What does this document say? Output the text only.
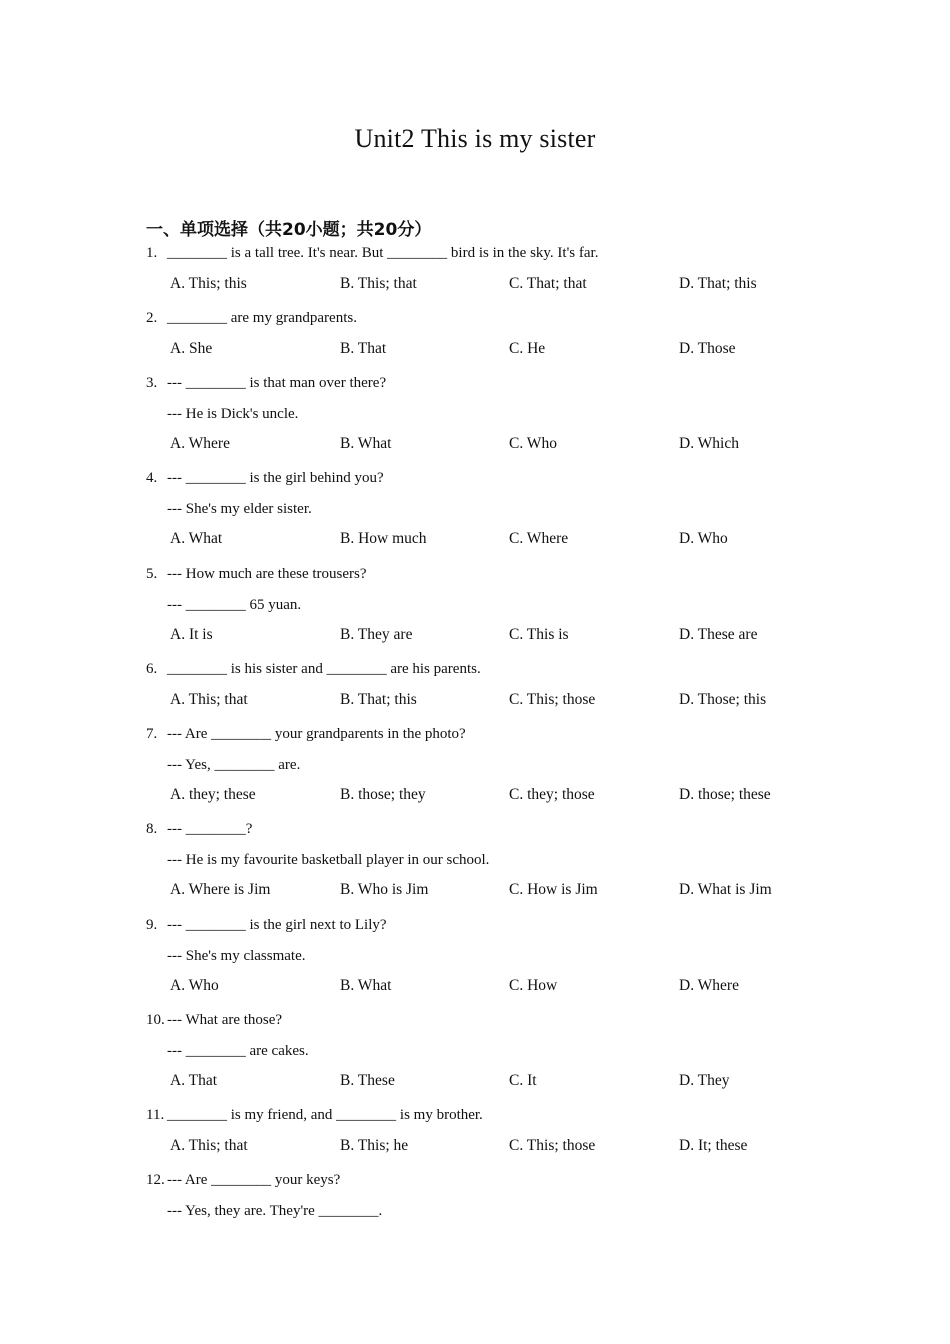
Unit2 This is my sister
一、单项选择（共20小题；共20分）
1. ________ is a tall tree. It's near. But ________ bird is in the sky. It's far.
A. This; this	B. This; that	C. That; that	D. That; this
2. ________ are my grandparents.
A. She	B. That	C. He	D. Those
3. --- ________ is that man over there?
--- He is Dick's uncle.
A. Where	B. What	C. Who	D. Which
4. --- ________ is the girl behind you?
--- She's my elder sister.
A. What	B. How much	C. Where	D. Who
5. --- How much are these trousers?
--- ________ 65 yuan.
A. It is	B. They are	C. This is	D. These are
6. ________ is his sister and ________ are his parents.
A. This; that	B. That; this	C. This; those	D. Those; this
7. --- Are ________ your grandparents in the photo?
--- Yes, ________ are.
A. they; these	B. those; they	C. they; those	D. those; these
8. --- ________?
--- He is my favourite basketball player in our school.
A. Where is Jim	B. Who is Jim	C. How is Jim	D. What is Jim
9. --- ________ is the girl next to Lily?
--- She's my classmate.
A. Who	B. What	C. How	D. Where
10. --- What are those?
--- ________ are cakes.
A. That	B. These	C. It	D. They
11. ________ is my friend, and ________ is my brother.
A. This; that	B. This; he	C. This; those	D. It; these
12. --- Are ________ your keys?
--- Yes, they are. They're ________.
